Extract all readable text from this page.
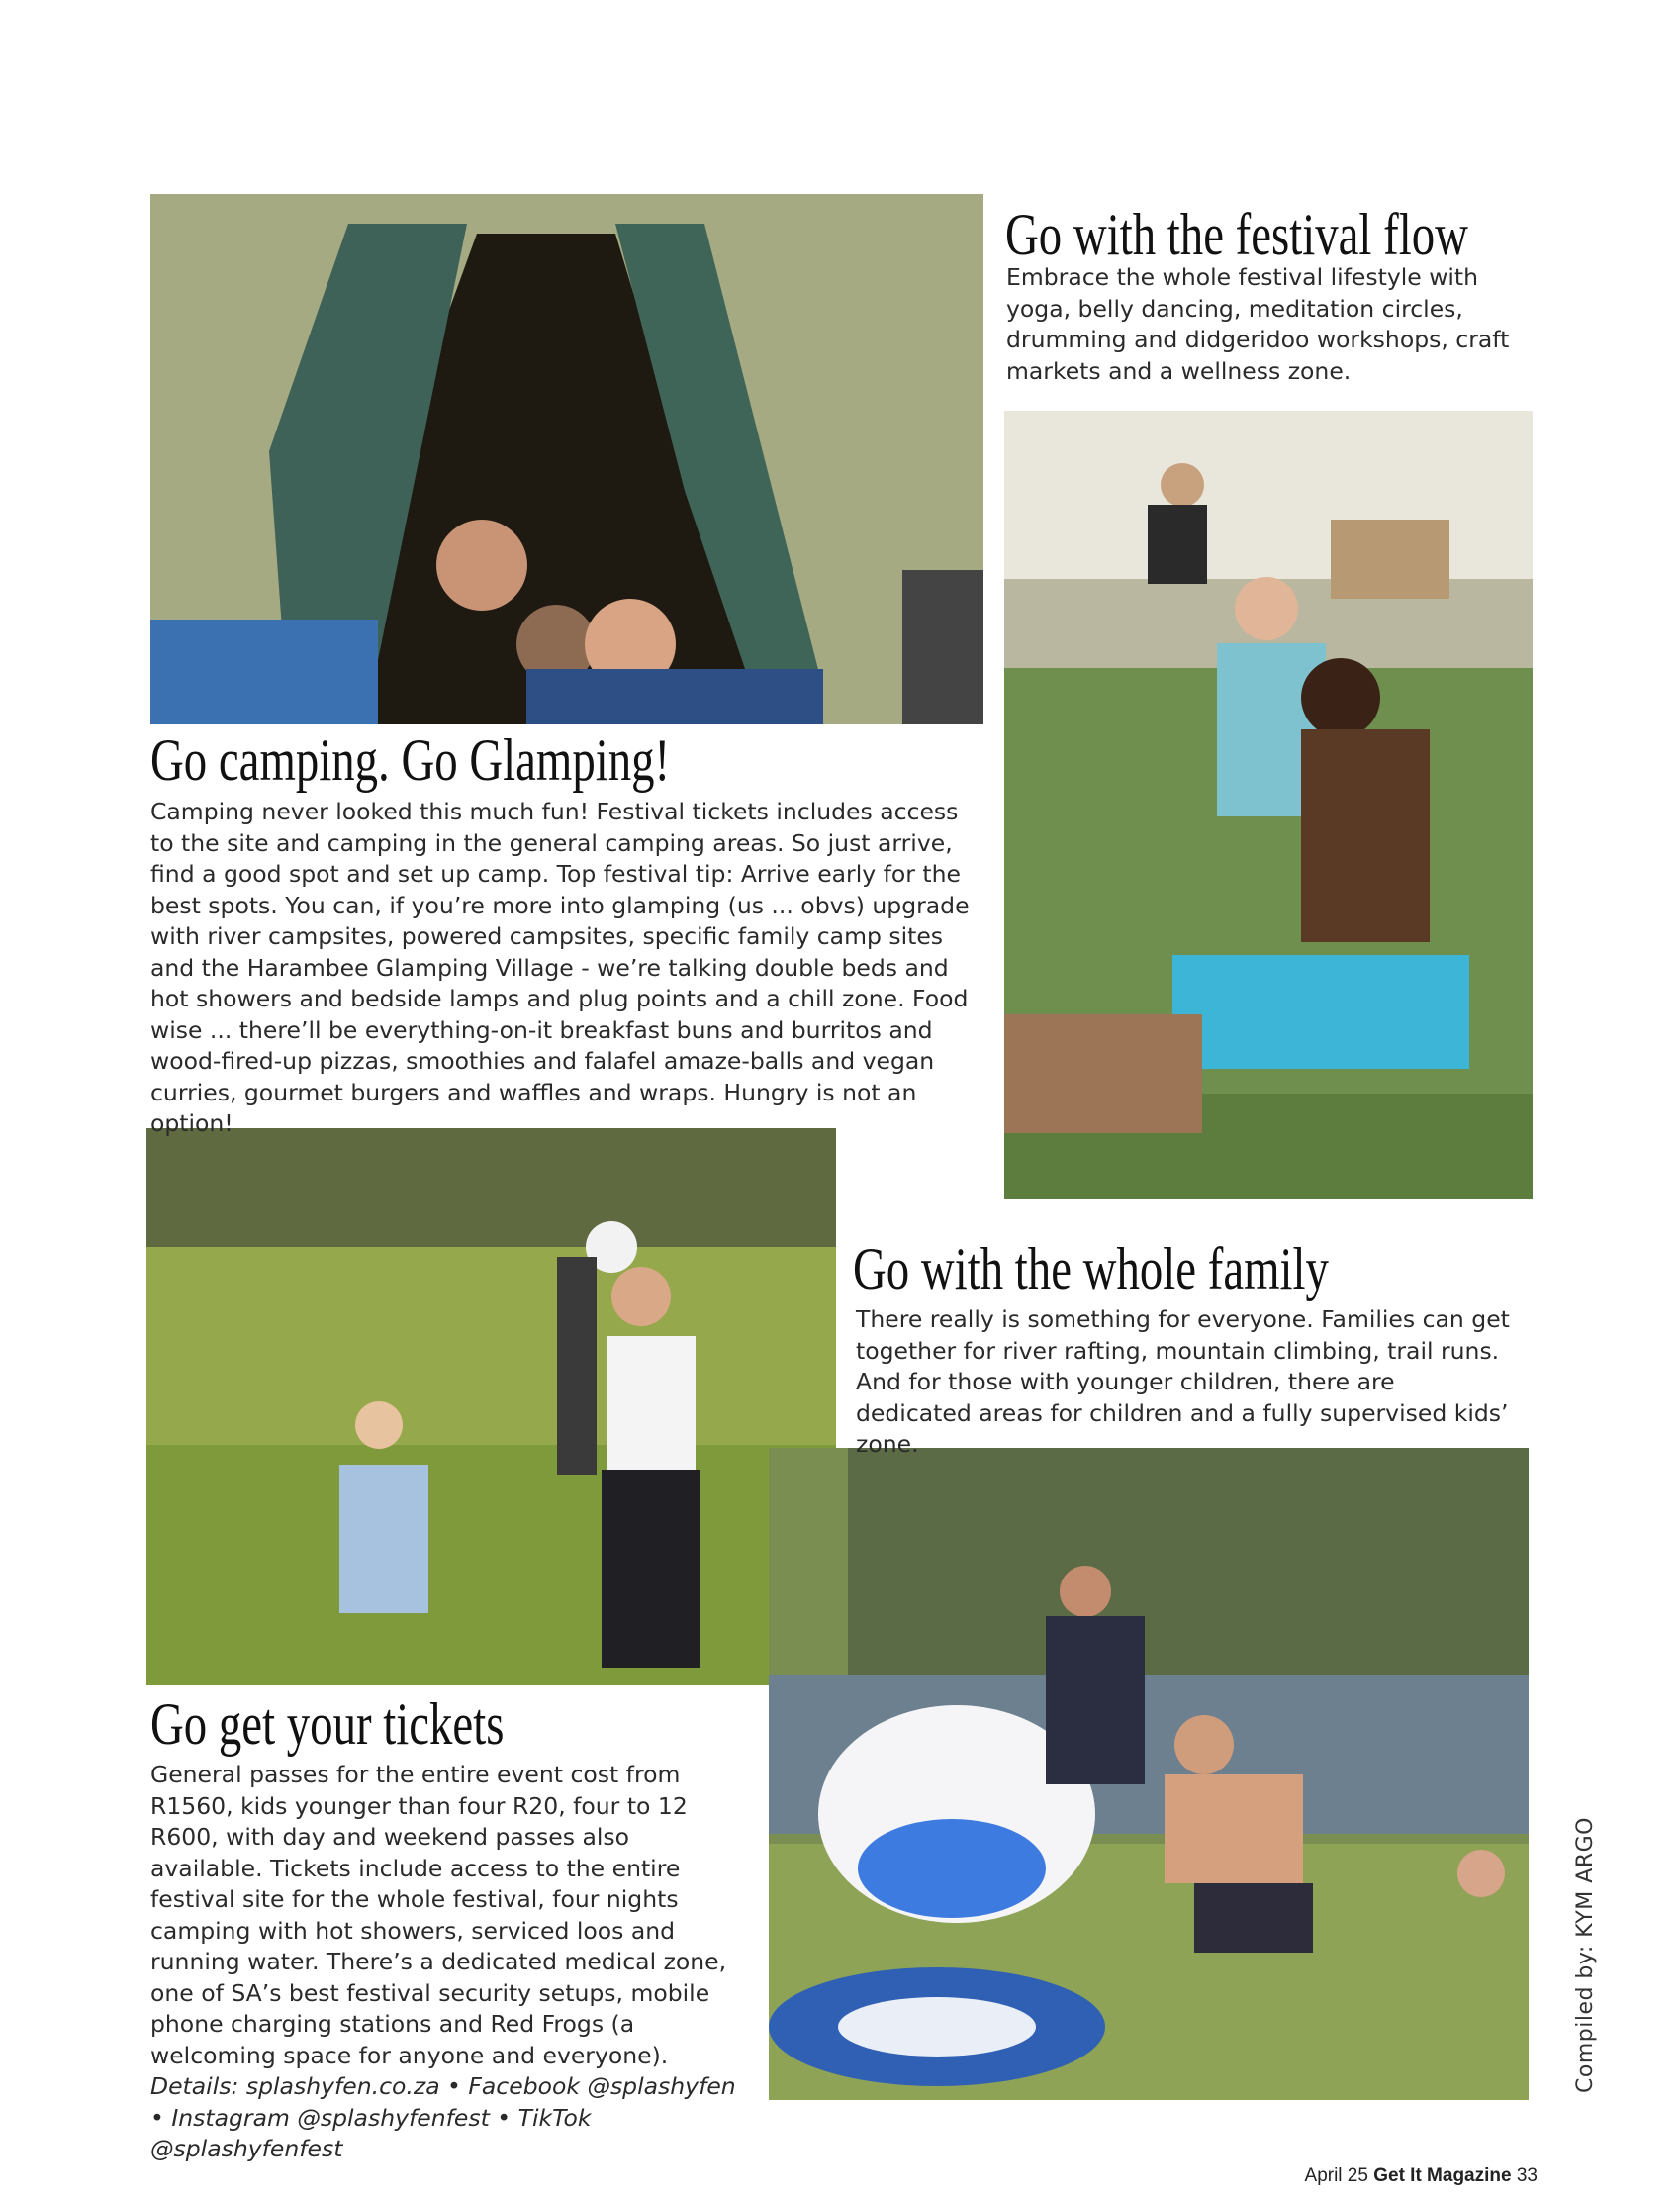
Go with the festival flow

Embrace the whole festival lifestyle with yoga, belly dancing, meditation circles, drumming and didgeridoo workshops, craft markets and a wellness zone.

Go camping. Go Glamping!

Camping never looked this much fun! Festival tickets includes access to the site and camping in the general camping areas. So just arrive, find a good spot and set up camp. Top festival tip: Arrive early for the best spots. You can, if you’re more into glamping (us ... obvs) upgrade with river campsites, powered campsites, specific family camp sites and the Harambee Glamping Village - we’re talking double beds and hot showers and bedside lamps and plug points and a chill zone. Food wise ... there’ll be everything-on-it breakfast buns and burritos and wood-fired-up pizzas, smoothies and falafel amaze-balls and vegan curries, gourmet burgers and waffles and wraps. Hungry is not an option!

Go with the whole family

There really is something for everyone. Families can get together for river rafting, mountain climbing, trail runs. And for those with younger children, there are dedicated areas for children and a fully supervised kids’ zone.

Go get your tickets
General passes for the entire event cost from R1560, kids younger than four R20, four to 12 R600, with day and weekend passes also available. Tickets include access to the entire festival site for the whole festival, four nights camping with hot showers, serviced loos and running water. There’s a dedicated medical zone, one of SA’s best festival security setups, mobile phone charging stations and Red Frogs (a welcoming space for anyone and everyone).
Details: splashyfen.co.za • Facebook @splashyfen • Instagram @splashyfenfest • TikTok @splashyfenfest
Compiled by: KYM ARGO
April 25 Get It Magazine 33
